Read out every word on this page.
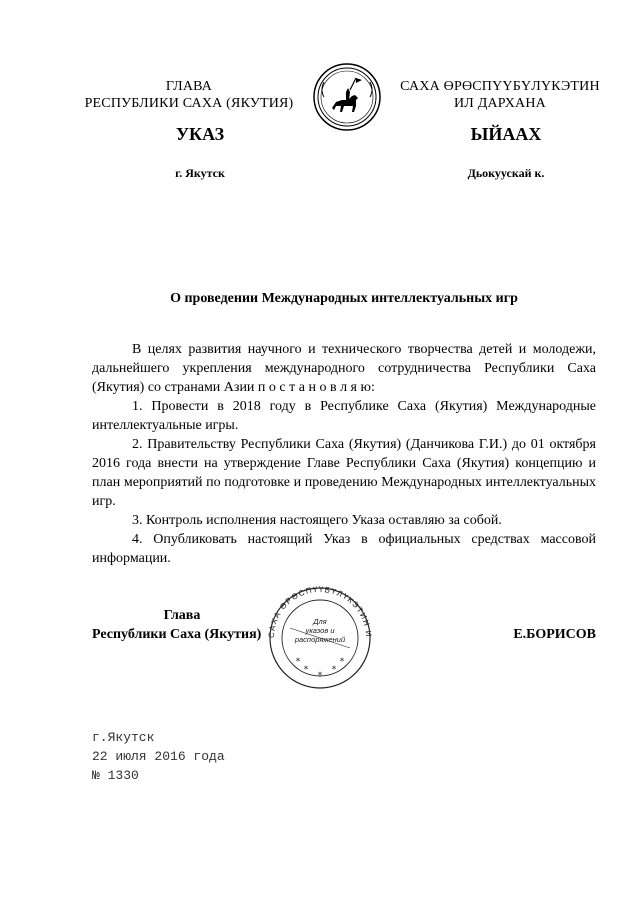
ГЛАВА
РЕСПУБЛИКИ САХА (ЯКУТИЯ)
САХА ӨРӨСПҮҮБҮЛҮКЭТИН
ИЛ ДАРХАНА
УКАЗ	ЫЙААХ
г. Якутск	Дьокуускай к.
О проведении Международных интеллектуальных игр

В целях развития научного и технического творчества детей и молодежи, дальнейшего укрепления международного сотрудничества Республики Саха (Якутия) со странами Азии п о с т а н о в л я ю:

1. Провести в 2018 году в Республике Саха (Якутия) Международные интеллектуальные игры.

2. Правительству Республики Саха (Якутия) (Данчикова Г.И.) до 01 октября 2016 года внести на утверждение Главе Республики Саха (Якутия) концепцию и план мероприятий по подготовке и проведению Международных интеллектуальных игр.

3. Контроль исполнения настоящего Указа оставляю за собой.

4. Опубликовать настоящий Указ в официальных средствах массовой информации.

Глава
Республики Саха (Якутия)	Е.БОРИСОВ
САХА ӨРӨСПҮҮБҮЛҮКЭТИН И
Для
указов и
распоряжений
*
*
*
*	*
г.Якутск
22 июля 2016 года
№ 1330
